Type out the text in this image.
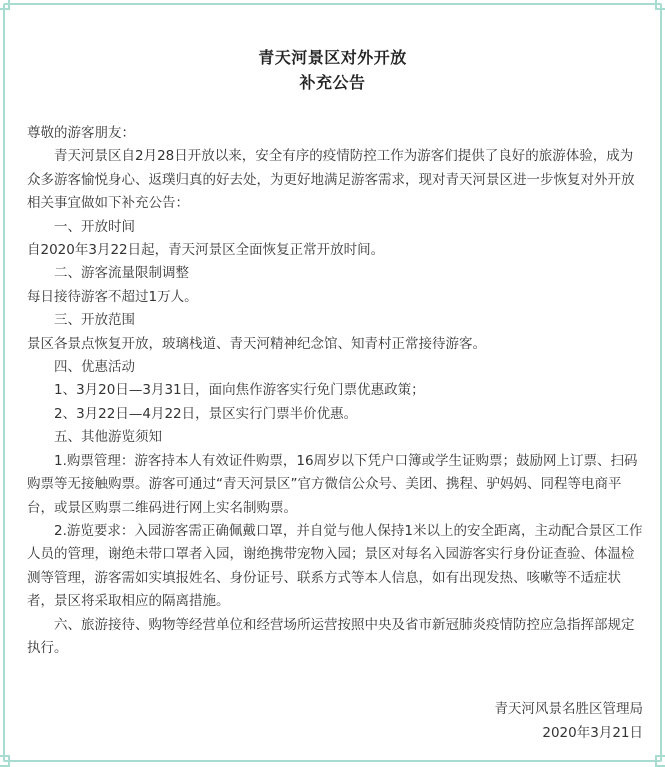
青天河景区对外开放
补充公告

尊敬的游客朋友：

青天河景区自2月28日开放以来，安全有序的疫情防控工作为游客们提供了良好的旅游体验，成为众多游客愉悦身心、返璞归真的好去处，为更好地满足游客需求，现对青天河景区进一步恢复对外开放相关事宜做如下补充公告：

一、开放时间

自2020年3月22日起，青天河景区全面恢复正常开放时间。

二、游客流量限制调整

每日接待游客不超过1万人。

三、开放范围

景区各景点恢复开放，玻璃栈道、青天河精神纪念馆、知青村正常接待游客。

四、优惠活动

1、3月20日—3月31日，面向焦作游客实行免门票优惠政策；

2、3月22日—4月22日，景区实行门票半价优惠。

五、其他游览须知

1.购票管理：游客持本人有效证件购票，16周岁以下凭户口簿或学生证购票；鼓励网上订票、扫码购票等无接触购票。游客可通过“青天河景区”官方微信公众号、美团、携程、驴妈妈、同程等电商平台，或景区购票二维码进行网上实名制购票。

2.游览要求：入园游客需正确佩戴口罩，并自觉与他人保持1米以上的安全距离，主动配合景区工作人员的管理，谢绝未带口罩者入园，谢绝携带宠物入园；景区对每名入园游客实行身份证查验、体温检测等管理，游客需如实填报姓名、身份证号、联系方式等本人信息，如有出现发热、咳嗽等不适症状者，景区将采取相应的隔离措施。

六、旅游接待、购物等经营单位和经营场所运营按照中央及省市新冠肺炎疫情防控应急指挥部规定执行。

青天河风景名胜区管理局
2020年3月21日
